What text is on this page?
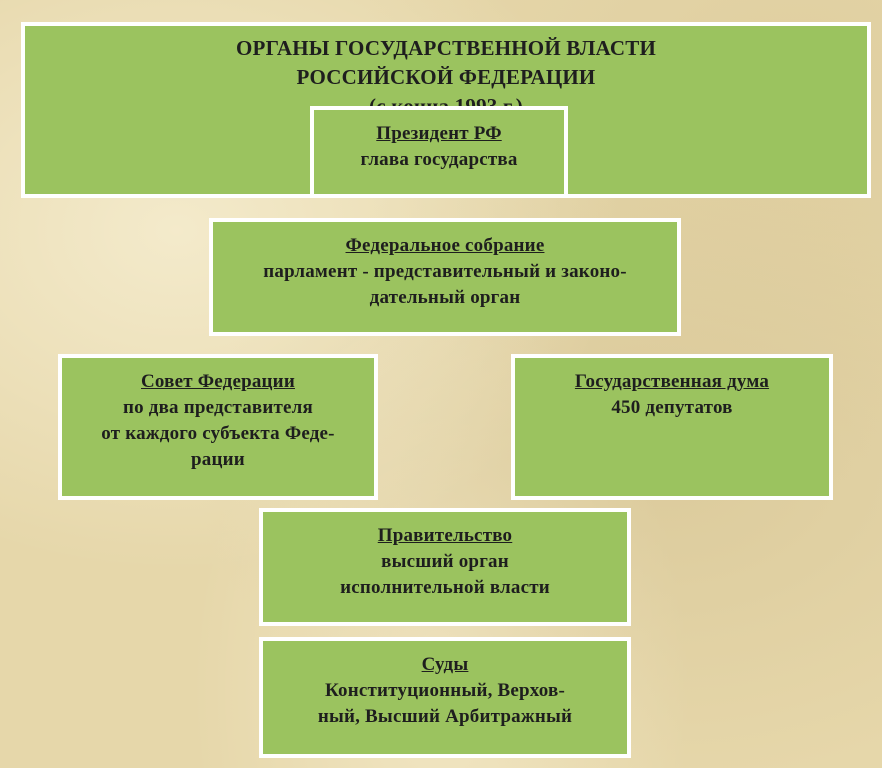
ОРГАНЫ ГОСУДАРСТВЕННОЙ ВЛАСТИ
РОССИЙСКОЙ ФЕДЕРАЦИИ
Президент РФ
глава государства
Федеральное собрание
парламент - представительный и законо-
дательный орган
Совет Федерации
по два представителя
от каждого субъекта Феде-
рации
Государственная дума
450 депутатов
Правительство
высший орган
исполнительной власти
Суды
Конституционный, Верхов-
ный, Высший Арбитражный
